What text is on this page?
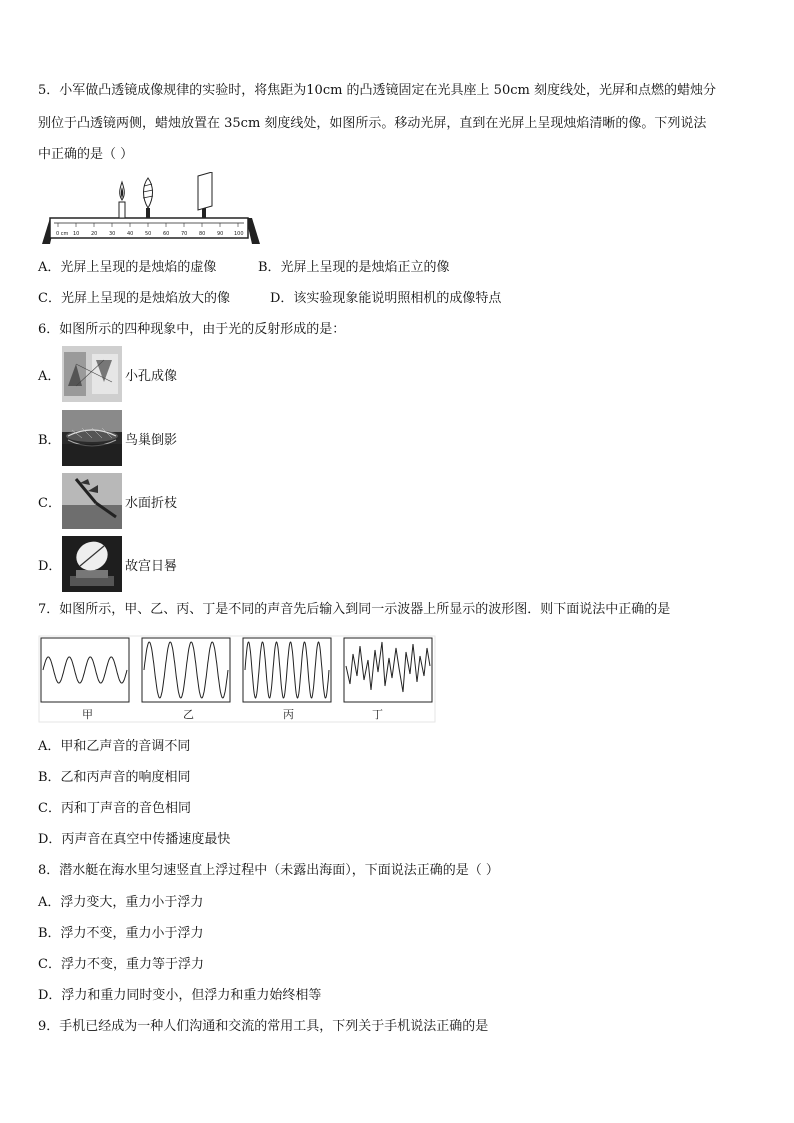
5．小军做凸透镜成像规律的实验时，将焦距为10cm 的凸透镜固定在光具座上 50cm 刻度线处，光屏和点燃的蜡烛分
别位于凸透镜两侧，蜡烛放置在 35cm 刻度线处，如图所示。移动光屏，直到在光屏上呈现烛焰清晰的像。下列说法
中正确的是（ ）
0 cm 10 20 30 40 50 60 70 80 90 100
A．光屏上呈现的是烛焰的虚像	B．光屏上呈现的是烛焰正立的像
C．光屏上呈现的是烛焰放大的像	D．该实验现象能说明照相机的成像特点
6．如图所示的四种现象中，由于光的反射形成的是：
A．	小孔成像
B．	鸟巢倒影
C．	水面折枝
D．	故宫日晷
7．如图所示，甲、乙、丙、丁是不同的声音先后输入到同一示波器上所显示的波形图．则下面说法中正确的是
甲	乙	丙	丁
A．甲和乙声音的音调不同
B．乙和丙声音的响度相同
C．丙和丁声音的音色相同
D．丙声音在真空中传播速度最快
8．潜水艇在海水里匀速竖直上浮过程中（未露出海面），下面说法正确的是（ ）
A．浮力变大，重力小于浮力
B．浮力不变，重力小于浮力
C．浮力不变，重力等于浮力
D．浮力和重力同时变小，但浮力和重力始终相等
9．手机已经成为一种人们沟通和交流的常用工具，下列关于手机说法正确的是
